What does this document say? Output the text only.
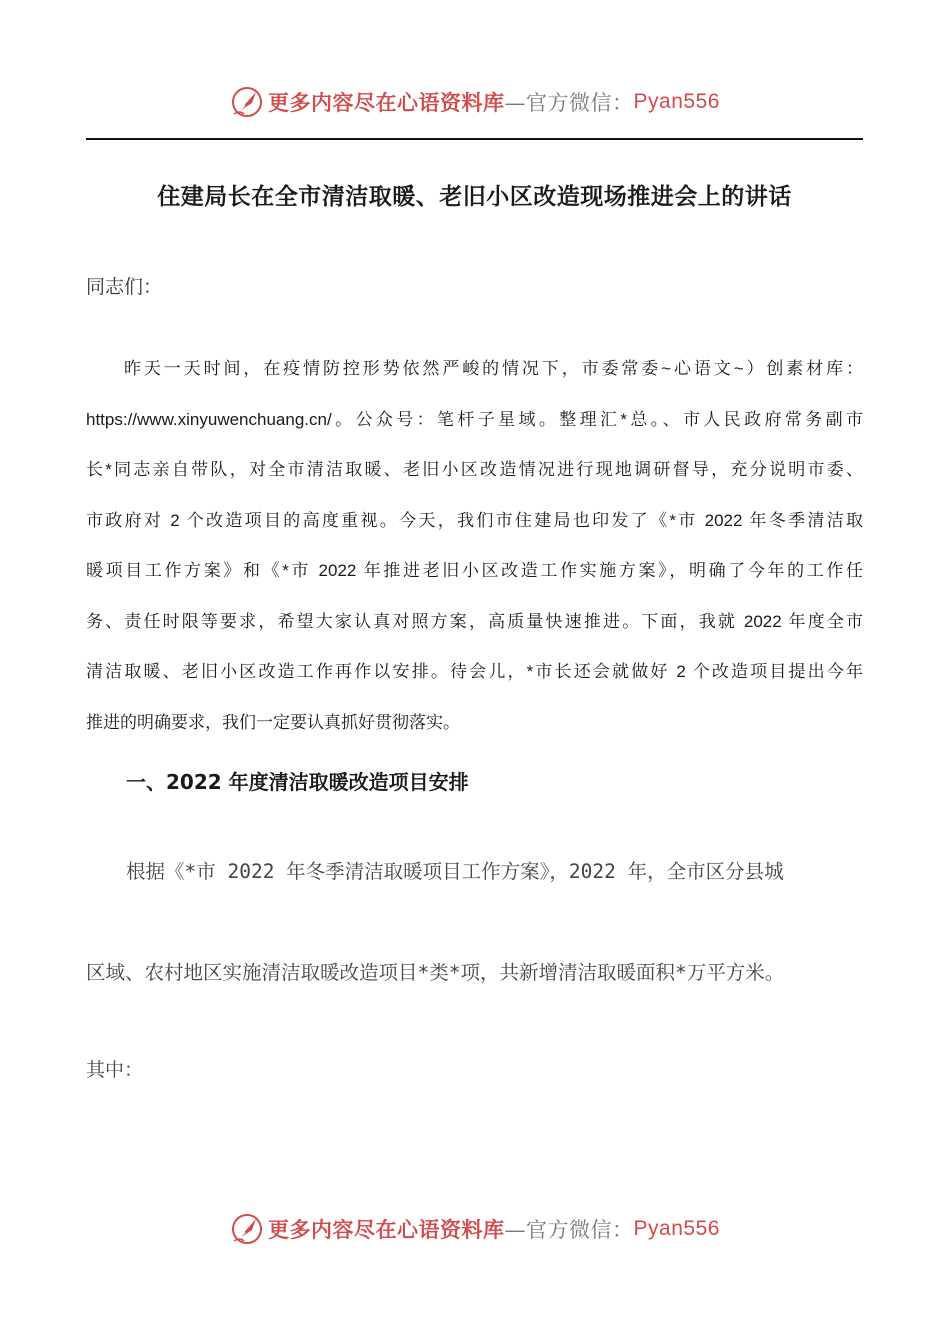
更多内容尽在心语资料库 —官方微信： Pyan556
住建局长在全市清洁取暖、老旧小区改造现场推进会上的讲话
同志们：
昨天一天时间，在疫情防控形势依然严峻的情况下，市委常委~心语文~）创素材库：
https://www.xinyuwenchuang.cn/。公众号：笔杆子星域。整理汇*总。、市人民政府常务副市
长*同志亲自带队，对全市清洁取暖、老旧小区改造情况进行现地调研督导，充分说明市委、
市政府对 2 个改造项目的高度重视。今天，我们市住建局也印发了《*市 2022 年冬季清洁取
暖项目工作方案》和《*市 2022 年推进老旧小区改造工作实施方案》，明确了今年的工作任
务、责任时限等要求，希望大家认真对照方案，高质量快速推进。下面，我就 2022 年度全市
清洁取暖、老旧小区改造工作再作以安排。待会儿，*市长还会就做好 2 个改造项目提出今年
推进的明确要求，我们一定要认真抓好贯彻落实。
一、2022 年度清洁取暖改造项目安排
根据《*市 2022 年冬季清洁取暖项目工作方案》，2022 年，全市区分县城
区域、农村地区实施清洁取暖改造项目*类*项，共新增清洁取暖面积*万平方米。
其中：
更多内容尽在心语资料库 —官方微信： Pyan556
